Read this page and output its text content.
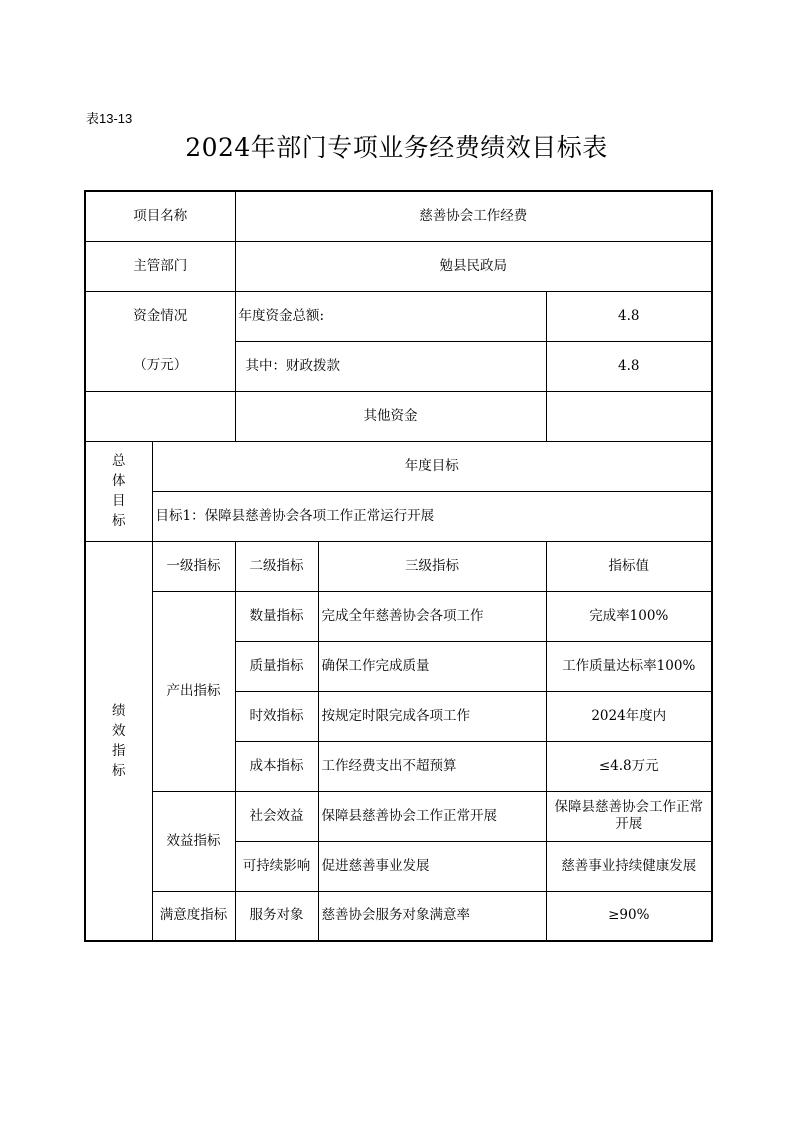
表13-13
2024年部门专项业务经费绩效目标表
项目名称		慈善协会工作经费		
主管部门		勉县民政局		
资金情况		年度资金总额:		4.8
（万元）		其中：财政拨款		4.8
		其他资金		
总体目标	年度目标			
	目标1：保障县慈善协会各项工作正常运行开展			
绩效指标	一级指标	二级指标	三级指标	指标值
	产出指标	数量指标	完成全年慈善协会各项工作	完成率100%
		质量指标	确保工作完成质量	工作质量达标率100%
		时效指标	按规定时限完成各项工作	2024年度内
		成本指标	工作经费支出不超预算	≤4.8万元
	效益指标	社会效益	保障县慈善协会工作正常开展	保障县慈善协会工作正常开展
		可持续影响	促进慈善事业发展	慈善事业持续健康发展
	满意度指标	服务对象	慈善协会服务对象满意率	≥90%
